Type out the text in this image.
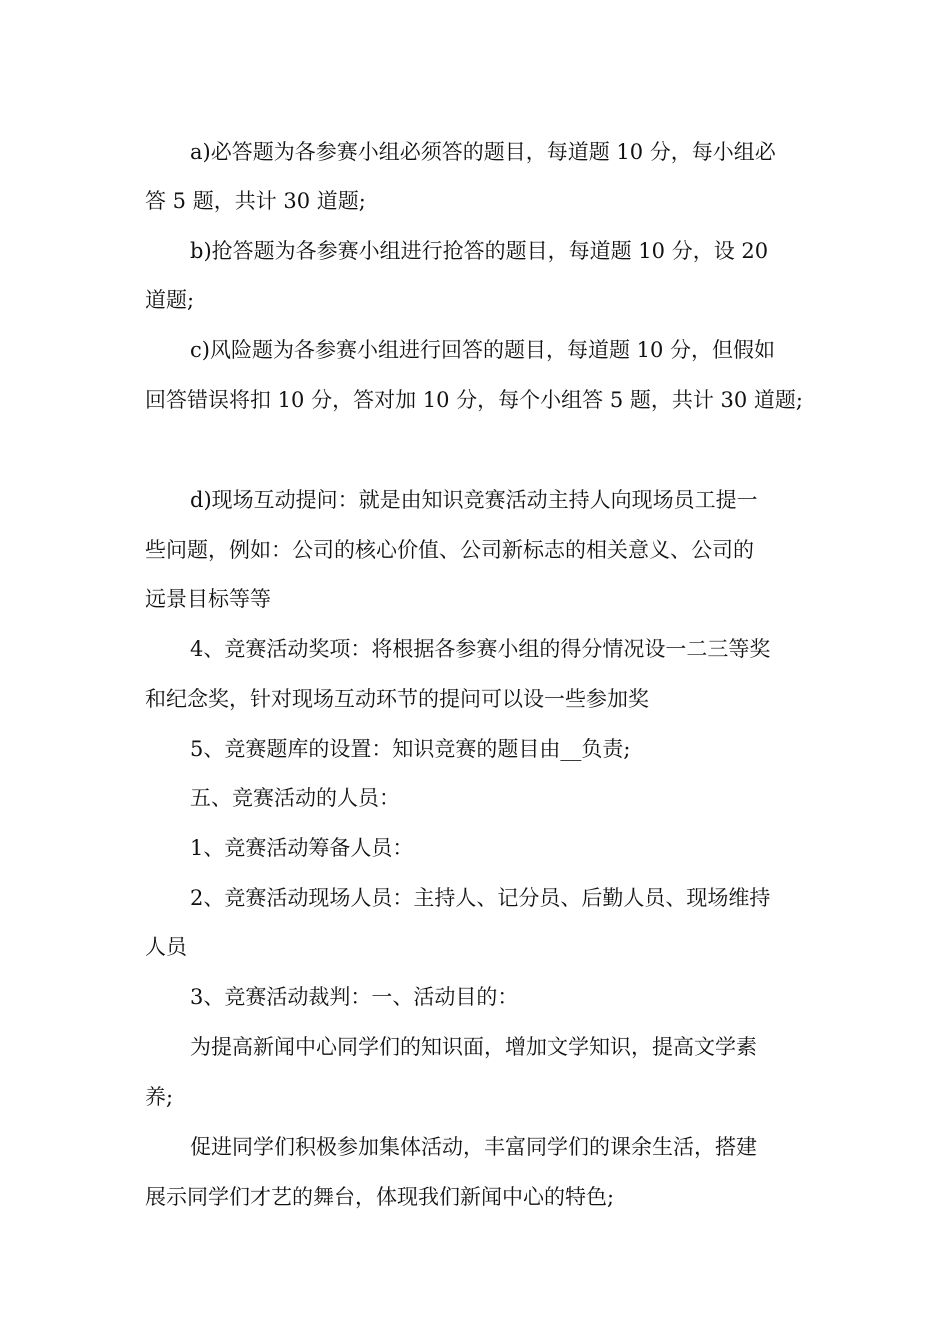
a)必答题为各参赛小组必须答的题目，每道题 10 分，每小组必
答 5 题，共计 30 道题;
b)抢答题为各参赛小组进行抢答的题目，每道题 10 分，设 20
道题;
c)风险题为各参赛小组进行回答的题目，每道题 10 分，但假如
回答错误将扣 10 分，答对加 10 分，每个小组答 5 题，共计 30 道题;
d)现场互动提问：就是由知识竞赛活动主持人向现场员工提一
些问题，例如：公司的核心价值、公司新标志的相关意义、公司的
远景目标等等
4、竞赛活动奖项：将根据各参赛小组的得分情况设一二三等奖
和纪念奖，针对现场互动环节的提问可以设一些参加奖
5、竞赛题库的设置：知识竞赛的题目由__负责;
五、竞赛活动的人员：
1、竞赛活动筹备人员：
2、竞赛活动现场人员：主持人、记分员、后勤人员、现场维持
人员
3、竞赛活动裁判：一、活动目的：
为提高新闻中心同学们的知识面，增加文学知识，提高文学素
养;
促进同学们积极参加集体活动，丰富同学们的课余生活，搭建
展示同学们才艺的舞台，体现我们新闻中心的特色;
